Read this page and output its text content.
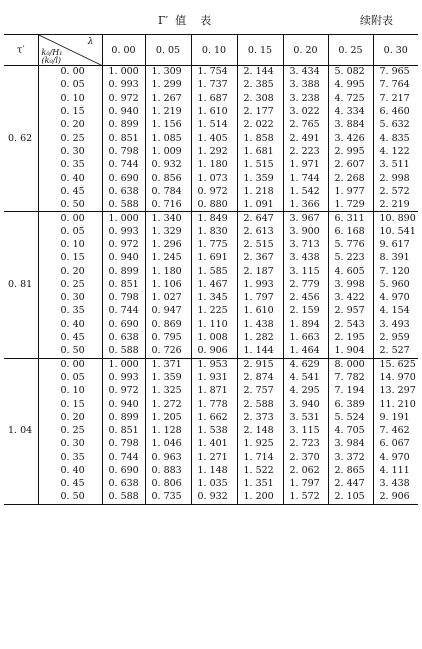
Γ′  值    表	续附表
τ′	λ
k₀/H₁
(k₀/l)	0. 00	0. 05	0. 10	0. 15	0. 20	0. 25	0. 30
0. 62	0. 00	1. 000	1. 309	1. 754	2. 144	3. 434	5. 082	7. 965
	0. 05	0. 993	1. 299	1. 737	2. 385	3. 388	4. 995	7. 764
	0. 10	0. 972	1. 267	1. 687	2. 308	3. 238	4. 725	7. 217
	0. 15	0. 940	1. 219	1. 610	2. 177	3. 022	4. 334	6. 460
	0. 20	0. 899	1. 156	1. 514	2. 022	2. 765	3. 884	5. 632
	0. 25	0. 851	1. 085	1. 405	1. 858	2. 491	3. 426	4. 835
	0. 30	0. 798	1. 009	1. 292	1. 681	2. 223	2. 995	4. 122
	0. 35	0. 744	0. 932	1. 180	1. 515	1. 971	2. 607	3. 511
	0. 40	0. 690	0. 856	1. 073	1. 359	1. 744	2. 268	2. 998
	0. 45	0. 638	0. 784	0. 972	1. 218	1. 542	1. 977	2. 572
	0. 50	0. 588	0. 716	0. 880	1. 091	1. 366	1. 729	2. 219
0. 81	0. 00	1. 000	1. 340	1. 849	2. 647	3. 967	6. 311	10. 890
	0. 05	0. 993	1. 329	1. 830	2. 613	3. 900	6. 168	10. 541
	0. 10	0. 972	1. 296	1. 775	2. 515	3. 713	5. 776	9. 617
	0. 15	0. 940	1. 245	1. 691	2. 367	3. 438	5. 223	8. 391
	0. 20	0. 899	1. 180	1. 585	2. 187	3. 115	4. 605	7. 120
	0. 25	0. 851	1. 106	1. 467	1. 993	2. 779	3. 998	5. 960
	0. 30	0. 798	1. 027	1. 345	1. 797	2. 456	3. 422	4. 970
	0. 35	0. 744	0. 947	1. 225	1. 610	2. 159	2. 957	4. 154
	0. 40	0. 690	0. 869	1. 110	1. 438	1. 894	2. 543	3. 493
	0. 45	0. 638	0. 795	1. 008	1. 282	1. 663	2. 195	2. 959
	0. 50	0. 588	0. 726	0. 906	1. 144	1. 464	1. 904	2. 527
1. 04	0. 00	1. 000	1. 371	1. 953	2. 915	4. 629	8. 000	15. 625
	0. 05	0. 993	1. 359	1. 931	2. 874	4. 541	7. 782	14. 970
	0. 10	0. 972	1. 325	1. 871	2. 757	4. 295	7. 194	13. 297
	0. 15	0. 940	1. 272	1. 778	2. 588	3. 940	6. 389	11. 210
	0. 20	0. 899	1. 205	1. 662	2. 373	3. 531	5. 524	9. 191
	0. 25	0. 851	1. 128	1. 538	2. 148	3. 115	4. 705	7. 462
	0. 30	0. 798	1. 046	1. 401	1. 925	2. 723	3. 984	6. 067
	0. 35	0. 744	0. 963	1. 271	1. 714	2. 370	3. 372	4. 970
	0. 40	0. 690	0. 883	1. 148	1. 522	2. 062	2. 865	4. 111
	0. 45	0. 638	0. 806	1. 035	1. 351	1. 797	2. 447	3. 438
	0. 50	0. 588	0. 735	0. 932	1. 200	1. 572	2. 105	2. 906
